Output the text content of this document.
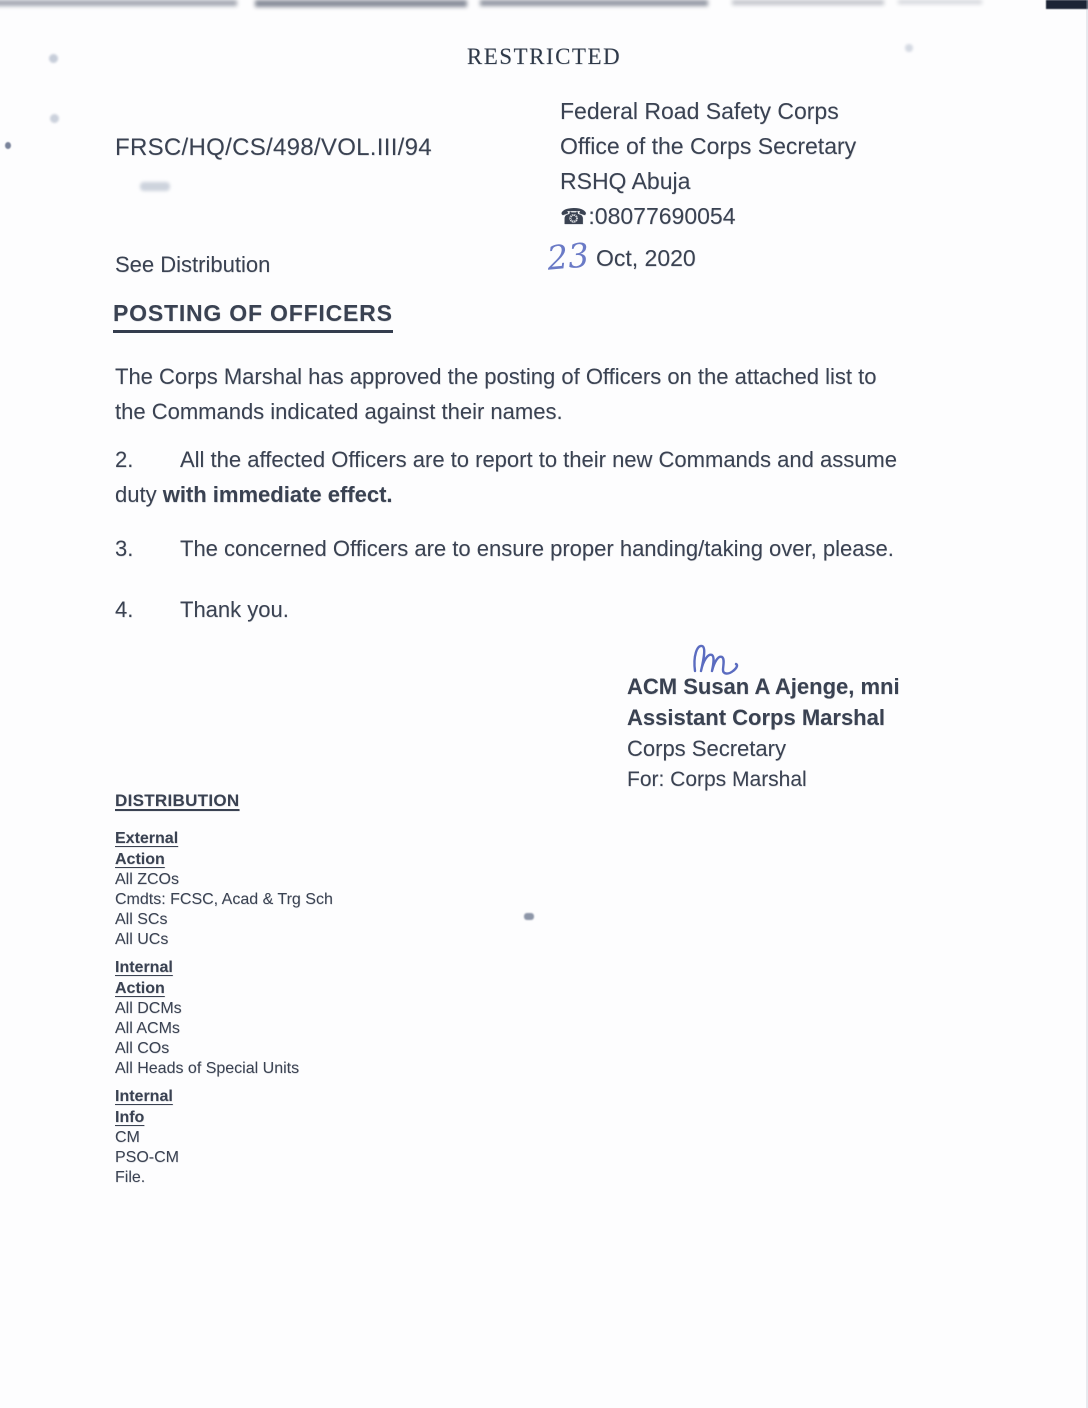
RESTRICTED
FRSC/HQ/CS/498/VOL.III/94
Federal Road Safety Corps
Office of the Corps Secretary
RSHQ Abuja
☎ : 08077690054
See Distribution	23 Oct, 2020
POSTING OF OFFICERS
The Corps Marshal has approved the posting of Officers on the attached list to
the Commands indicated against their names.
2. All the affected Officers are to report to their new Commands and assume
duty with immediate effect.
3. The concerned Officers are to ensure proper handing/taking over, please.
4. Thank you.
ACM Susan A Ajenge, mni
Assistant Corps Marshal
Corps Secretary
For: Corps Marshal
DISTRIBUTION
External
Action
All ZCOs
Cmdts: FCSC, Acad & Trg Sch
All SCs
All UCs
Internal
Action
All DCMs
All ACMs
All COs
All Heads of Special Units
Internal
Info
CM
PSO-CM
File.
